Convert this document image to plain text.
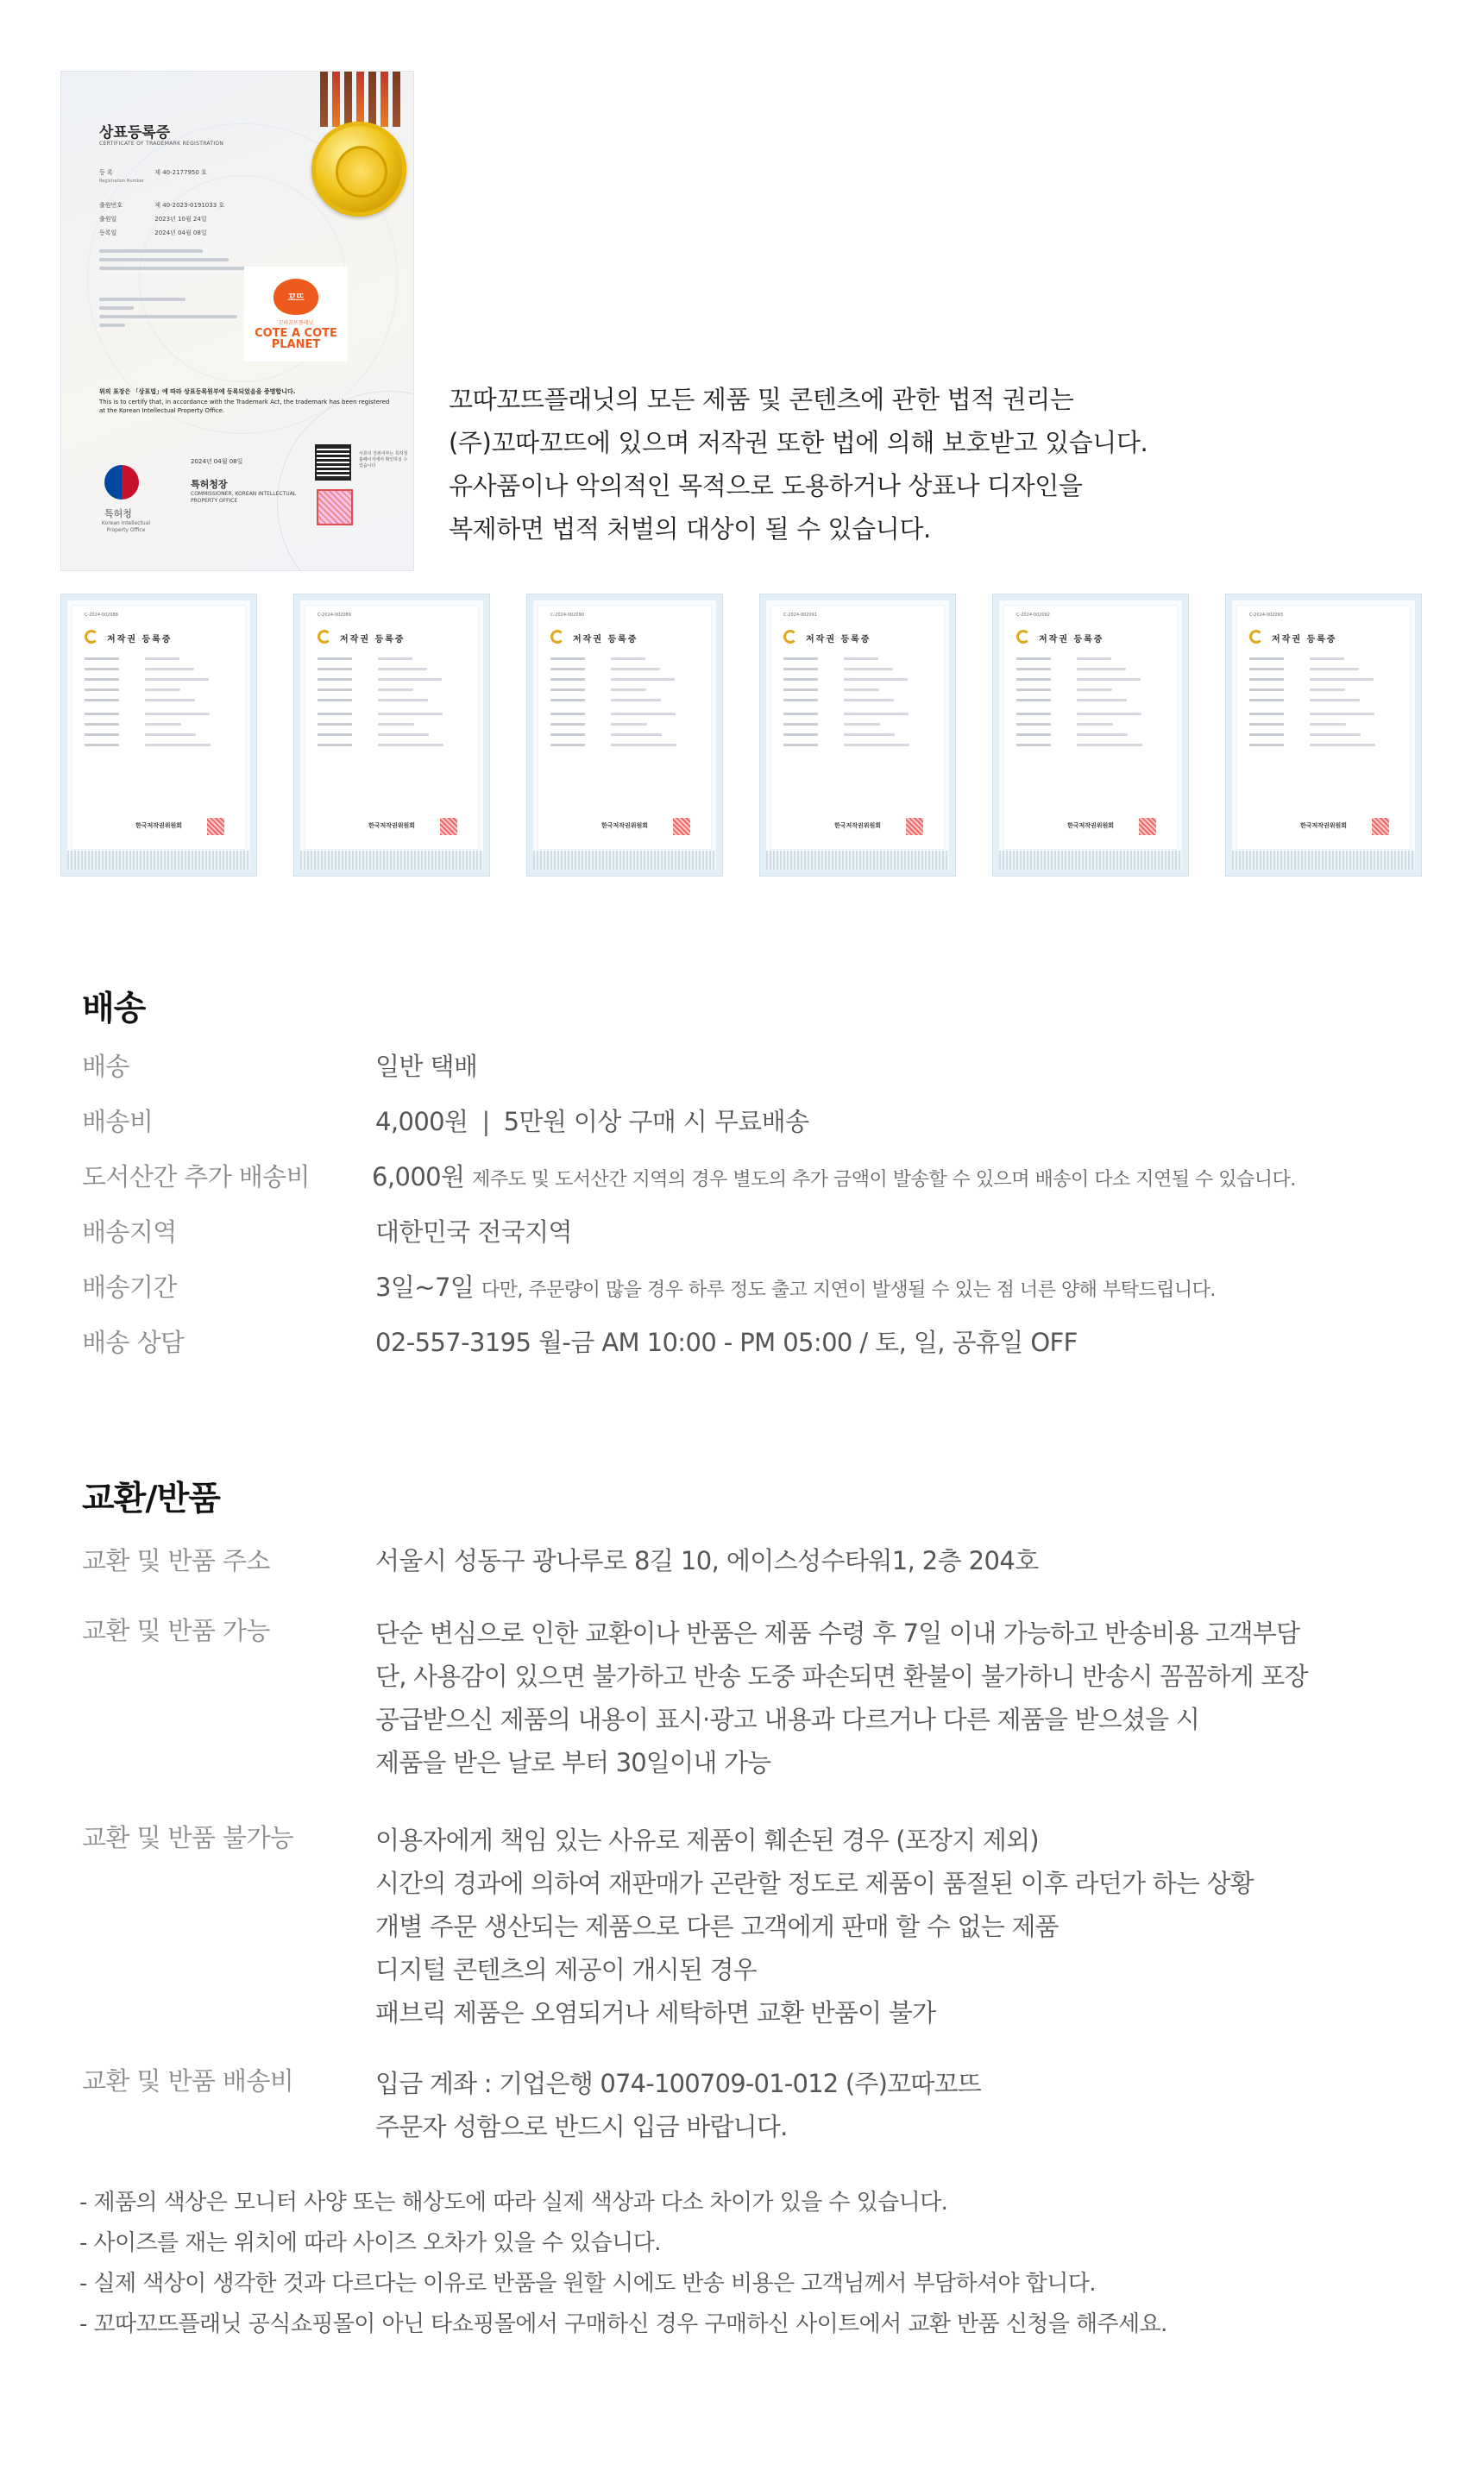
상표등록증
CERTIFICATE OF TRADEMARK REGISTRATION
등 록	제 40-2177950 호
Registration Number
출원번호	제 40-2023-0191033 호
출원일	2023년 10월 24일
등록일	2024년 04월 08일
꼬뜨
꼬따꼬뜨플래닛
COTE A COTE PLANET
위의 표장은 「상표법」에 따라 상표등록원부에 등록되었음을 증명합니다.
This is to certify that, in accordance with the Trademark Act, the trademark has been registered at the Korean Intellectual Property Office.
특허청
Korean Intellectual Property Office
2024년 04월 08일
특허청장
COMMISSIONER, KOREAN INTELLECTUAL PROPERTY OFFICE
서류의 진위여부는 특허청 홈페이지에서 확인하실 수 있습니다

꼬따꼬뜨플래닛의 모든 제품 및 콘텐츠에 관한 법적 권리는

(주)꼬따꼬뜨에 있으며 저작권 또한 법에 의해 보호받고 있습니다.

유사품이나 악의적인 목적으로 도용하거나 상표나 디자인을

복제하면 법적 처벌의 대상이 될 수 있습니다.

C-2024-002088
저작권 등록증
한국저작권위원회
C-2024-002089
저작권 등록증
한국저작권위원회
C-2024-002090
저작권 등록증
한국저작권위원회
C-2024-002091
저작권 등록증
한국저작권위원회
C-2024-002092
저작권 등록증
한국저작권위원회
C-2024-002093
저작권 등록증
한국저작권위원회
배송
배송	일반 택배
배송비	4,000원 | 5만원 이상 구매 시 무료배송
도서산간 추가 배송비 6,000원 제주도 및 도서산간 지역의 경우 별도의 추가 금액이 발송할 수 있으며 배송이 다소 지연될 수 있습니다.
배송지역	대한민국 전국지역
배송기간	3일~7일 다만, 주문량이 많을 경우 하루 정도 출고 지연이 발생될 수 있는 점 너른 양해 부탁드립니다.
배송 상담	02-557-3195 월-금 AM 10:00 - PM 05:00 / 토, 일, 공휴일 OFF
교환/반품
교환 및 반품 주소	서울시 성동구 광나루로 8길 10, 에이스성수타워1, 2층 204호
교환 및 반품 가능	단순 변심으로 인한 교환이나 반품은 제품 수령 후 7일 이내 가능하고 반송비용 고객부담
단, 사용감이 있으면 불가하고 반송 도중 파손되면 환불이 불가하니 반송시 꼼꼼하게 포장
공급받으신 제품의 내용이 표시·광고 내용과 다르거나 다른 제품을 받으셨을 시
제품을 받은 날로 부터 30일이내 가능
교환 및 반품 불가능	이용자에게 책임 있는 사유로 제품이 훼손된 경우 (포장지 제외)
시간의 경과에 의하여 재판매가 곤란할 정도로 제품이 품절된 이후 라던가 하는 상황
개별 주문 생산되는 제품으로 다른 고객에게 판매 할 수 없는 제품
디지털 콘텐츠의 제공이 개시된 경우
패브릭 제품은 오염되거나 세탁하면 교환 반품이 불가
교환 및 반품 배송비	입금 계좌 : 기업은행 074-100709-01-012 (주)꼬따꼬뜨
주문자 성함으로 반드시 입금 바랍니다.
- 제품의 색상은 모니터 사양 또는 해상도에 따라 실제 색상과 다소 차이가 있을 수 있습니다.
- 사이즈를 재는 위치에 따라 사이즈 오차가 있을 수 있습니다.
- 실제 색상이 생각한 것과 다르다는 이유로 반품을 원할 시에도 반송 비용은 고객님께서 부담하셔야 합니다.
- 꼬따꼬뜨플래닛 공식쇼핑몰이 아닌 타쇼핑몰에서 구매하신 경우 구매하신 사이트에서 교환 반품 신청을 해주세요.
